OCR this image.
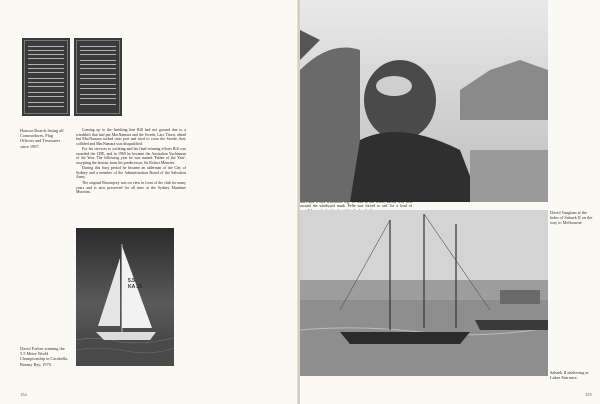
Honour Boards listing all Commodores, Flag Officers and Treasurers since 1907.

Coming up to the finishing line Bill had not ground due to a windshift that had put MacNamara and the Swede, Lars Thorn, ahead but MacNamara tacked onto port and tried to cross the Swede, they collided and MacNamara was disqualified.

For his services to yachting and his final-winning efforts Bill was awarded the CBE, and in 1969 he became the Australian Yachtsman of the Year. The following year he was named 'Father of the Year', accepting the honour from his predecessor, Sir Robert Menzies.

During this busy period he became an alderman of the City of Sydney and a member of the Administration Board of the Salvation Army.

The original Barranjoey was on view in front of the club for many years and is now preserved for all time at the Sydney Maritime Museum.

5.5
KA 25
David Forbes winning the 5.5 Metre World Championship in Carabella, Botany Bay, 1970.
154

around the windward mark. Pelle was forced to sail 'for a load of

David Vaughan at the helm of Sabaek II on the way to Melbourne.
Sabaek II sheltering at Lakes Entrance.
155
